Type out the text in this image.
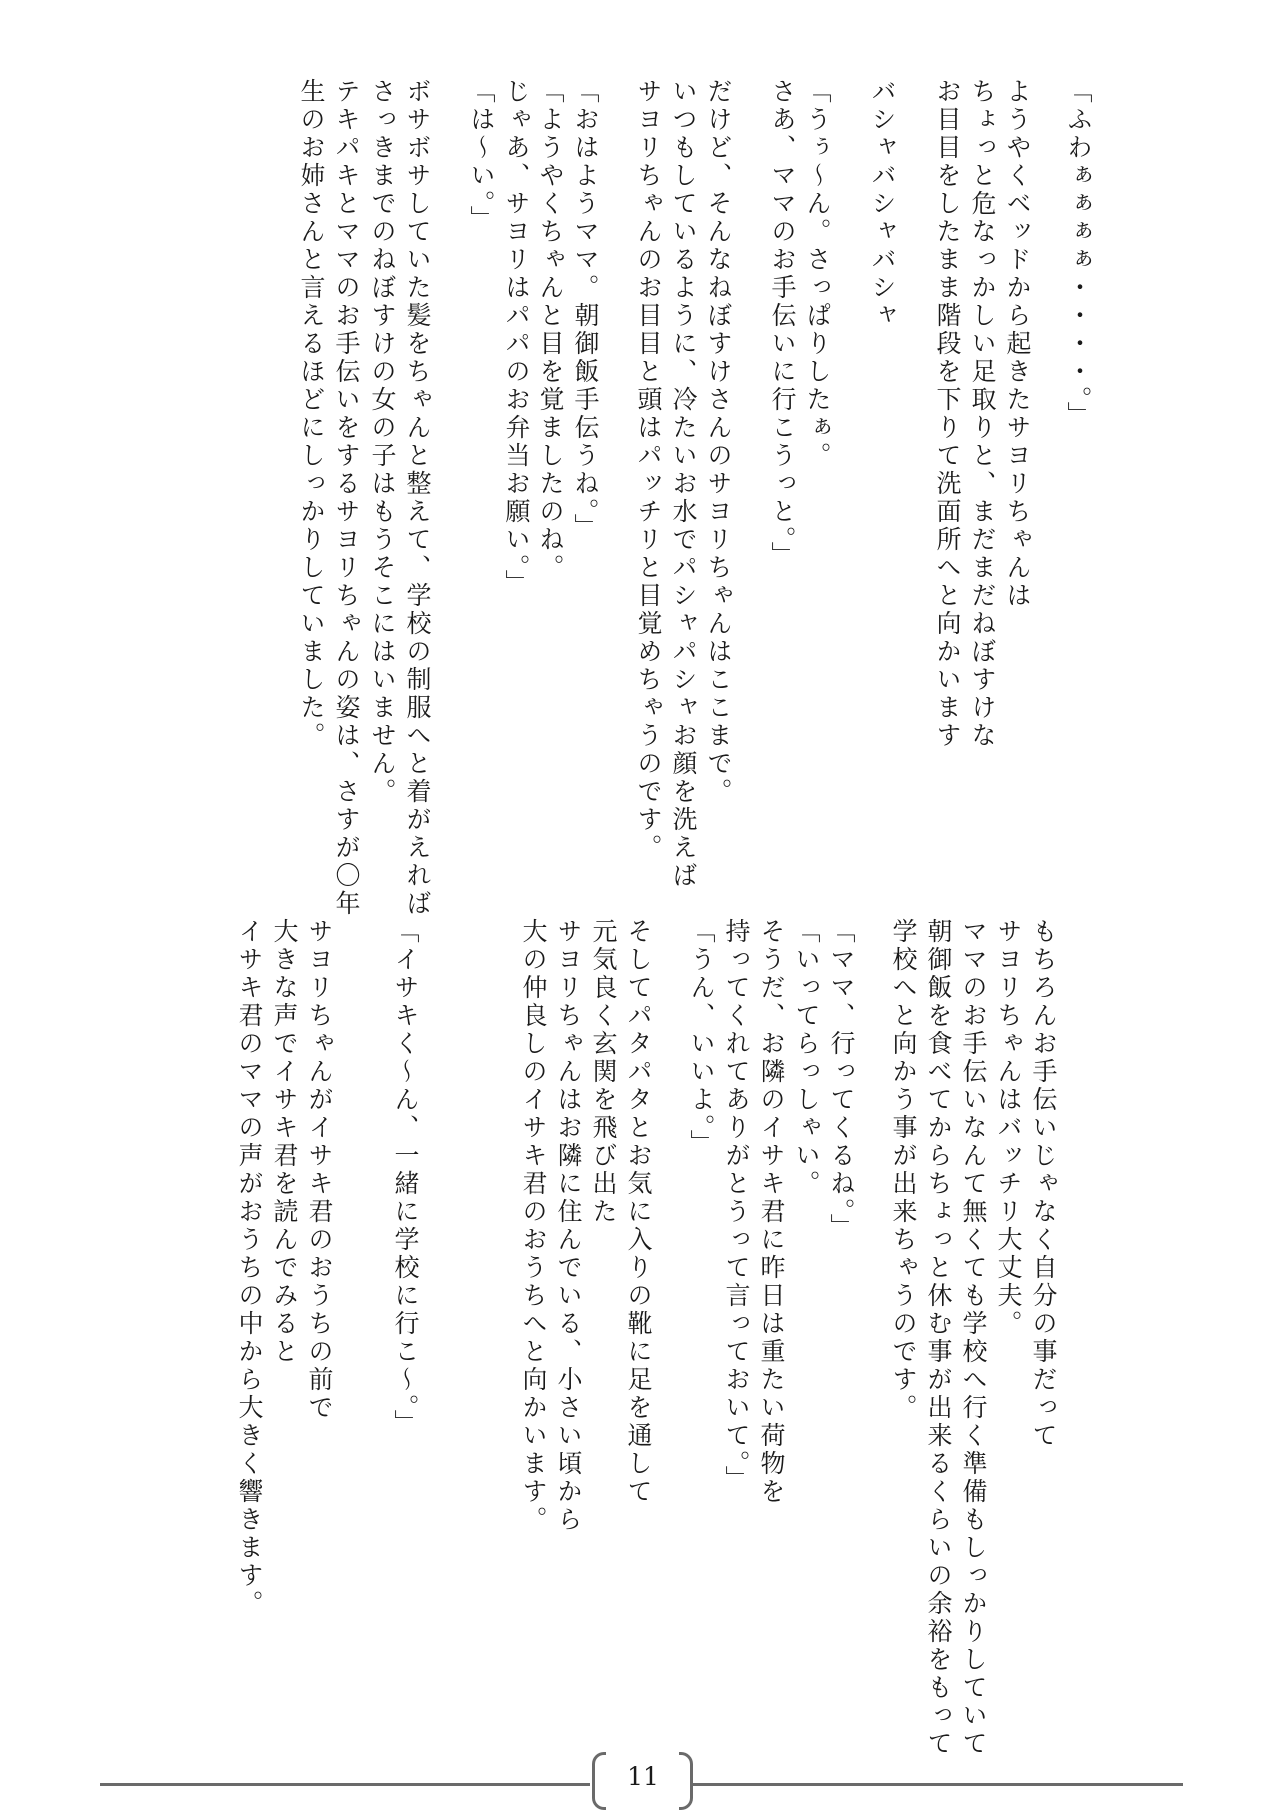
「ふわぁぁぁぁ・・・・。」
ようやくベッドから起きたサヨリちゃんは
ちょっと危なっかしい足取りと、まだまだねぼすけな
お目目をしたまま階段を下りて洗面所へと向かいます
バシャバシャバシャ
「うぅ～ん。さっぱりしたぁ。
さあ、ママのお手伝いに行こうっと。」
だけど、そんなねぼすけさんのサヨリちゃんはここまで。
いつもしているように、冷たいお水でパシャパシャお顔を洗えば
サヨリちゃんのお目目と頭はパッチリと目覚めちゃうのです。
「おはようママ。朝御飯手伝うね。」
「ようやくちゃんと目を覚ましたのね。
じゃあ、サヨリはパパのお弁当お願い。」
「は～い。」
ボサボサしていた髪をちゃんと整えて、学校の制服へと着がえれば
さっきまでのねぼすけの女の子はもうそこにはいません。
テキパキとママのお手伝いをするサヨリちゃんの姿は、さすが〇年
生のお姉さんと言えるほどにしっかりしていました。
もちろんお手伝いじゃなく自分の事だって
サヨリちゃんはバッチリ大丈夫。
ママのお手伝いなんて無くても学校へ行く準備もしっかりしていて
朝御飯を食べてからちょっと休む事が出来るくらいの余裕をもって
学校へと向かう事が出来ちゃうのです。
「ママ、行ってくるね。」
「いってらっしゃい。
そうだ、お隣のイサキ君に昨日は重たい荷物を
持ってくれてありがとうって言っておいて。」
「うん、いいよ。」
そしてパタパタとお気に入りの靴に足を通して
元気良く玄関を飛び出た
サヨリちゃんはお隣に住んでいる、小さい頃から
大の仲良しのイサキ君のおうちへと向かいます。
「イサキく～ん、一緒に学校に行こ～。」
サヨリちゃんがイサキ君のおうちの前で
大きな声でイサキ君を読んでみると
イサキ君のママの声がおうちの中から大きく響きます。
11
